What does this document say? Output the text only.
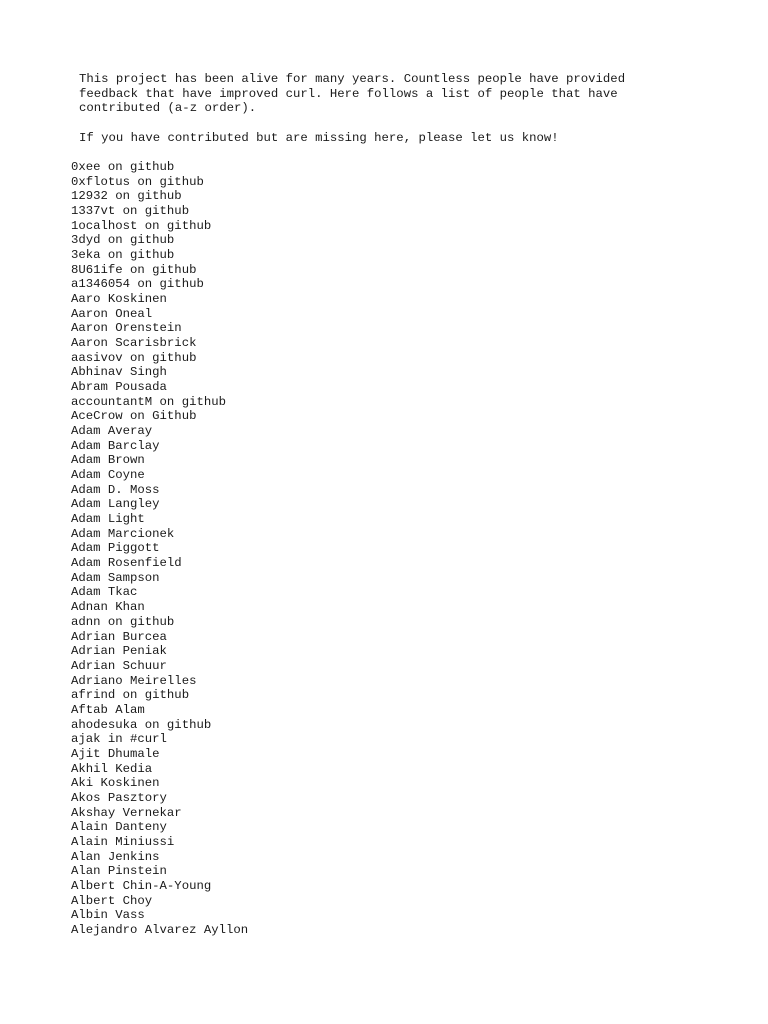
This project has been alive for many years. Countless people have provided
feedback that have improved curl. Here follows a list of people that have
contributed (a-z order).

If you have contributed but are missing here, please let us know!

0xee on github
0xflotus on github
12932 on github
1337vt on github
1ocalhost on github
3dyd on github
3eka on github
8U61ife on github
a1346054 on github
Aaro Koskinen
Aaron Oneal
Aaron Orenstein
Aaron Scarisbrick
aasivov on github
Abhinav Singh
Abram Pousada
accountantM on github
AceCrow on Github
Adam Averay
Adam Barclay
Adam Brown
Adam Coyne
Adam D. Moss
Adam Langley
Adam Light
Adam Marcionek
Adam Piggott
Adam Rosenfield
Adam Sampson
Adam Tkac
Adnan Khan
adnn on github
Adrian Burcea
Adrian Peniak
Adrian Schuur
Adriano Meirelles
afrind on github
Aftab Alam
ahodesuka on github
ajak in #curl
Ajit Dhumale
Akhil Kedia
Aki Koskinen
Akos Pasztory
Akshay Vernekar
Alain Danteny
Alain Miniussi
Alan Jenkins
Alan Pinstein
Albert Chin-A-Young
Albert Choy
Albin Vass
Alejandro Alvarez Ayllon
